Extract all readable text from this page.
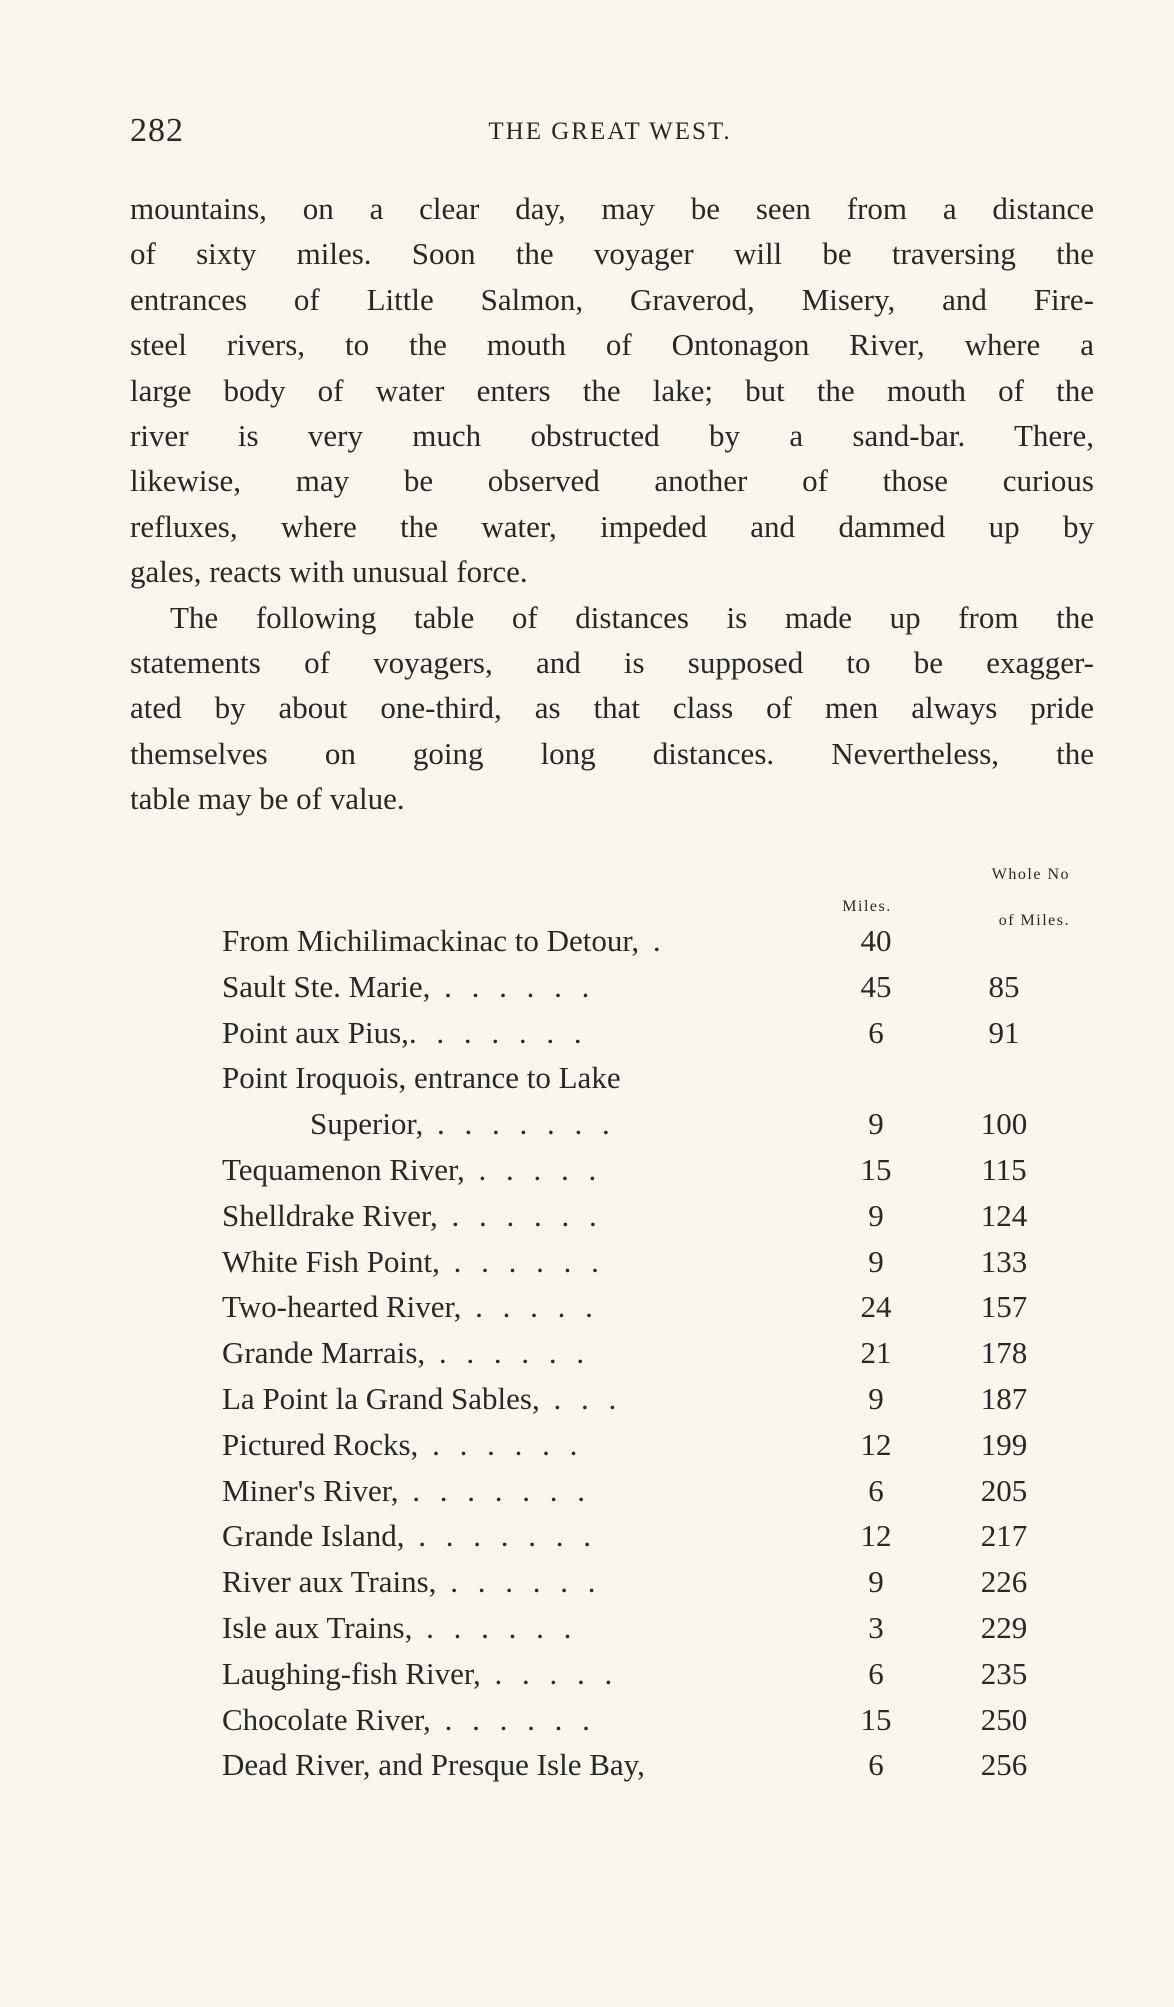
282	THE GREAT WEST.

mountains, on a clear day, may be seen from a distance
of sixty miles. Soon the voyager will be traversing the
entrances of Little Salmon, Graverod, Misery, and Fire-
steel rivers, to the mouth of Ontonagon River, where a
large body of water enters the lake; but the mouth of the
river is very much obstructed by a sand-bar. There,
likewise, may be observed another of those curious
refluxes, where the water, impeded and dammed up by
gales, reacts with unusual force.

The following table of distances is made up from the
statements of voyagers, and is supposed to be exagger-
ated by about one-third, as that class of men always pride
themselves on going long distances. Nevertheless, the
table may be of value.

Miles.
Whole No
of Miles.
From Michilimackinac to Detour, .	40
Sault Ste. Marie, . . . . . .	45	85
Point aux Pius,. . . . . . .	6	91
Point Iroquois, entrance to Lake
Superior, . . . . . . .	9	100
Tequamenon River, . . . . .	15	115
Shelldrake River, . . . . . .	9	124
White Fish Point, . . . . . .	9	133
Two-hearted River, . . . . .	24	157
Grande Marrais, . . . . . .	21	178
La Point la Grand Sables, . . .	9	187
Pictured Rocks, . . . . . .	12	199
Miner's River, . . . . . . .	6	205
Grande Island, . . . . . . .	12	217
River aux Trains, . . . . . .	9	226
Isle aux Trains, . . . . . .	3	229
Laughing-fish River, . . . . .	6	235
Chocolate River, . . . . . .	15	250
Dead River, and Presque Isle Bay,	6	256
